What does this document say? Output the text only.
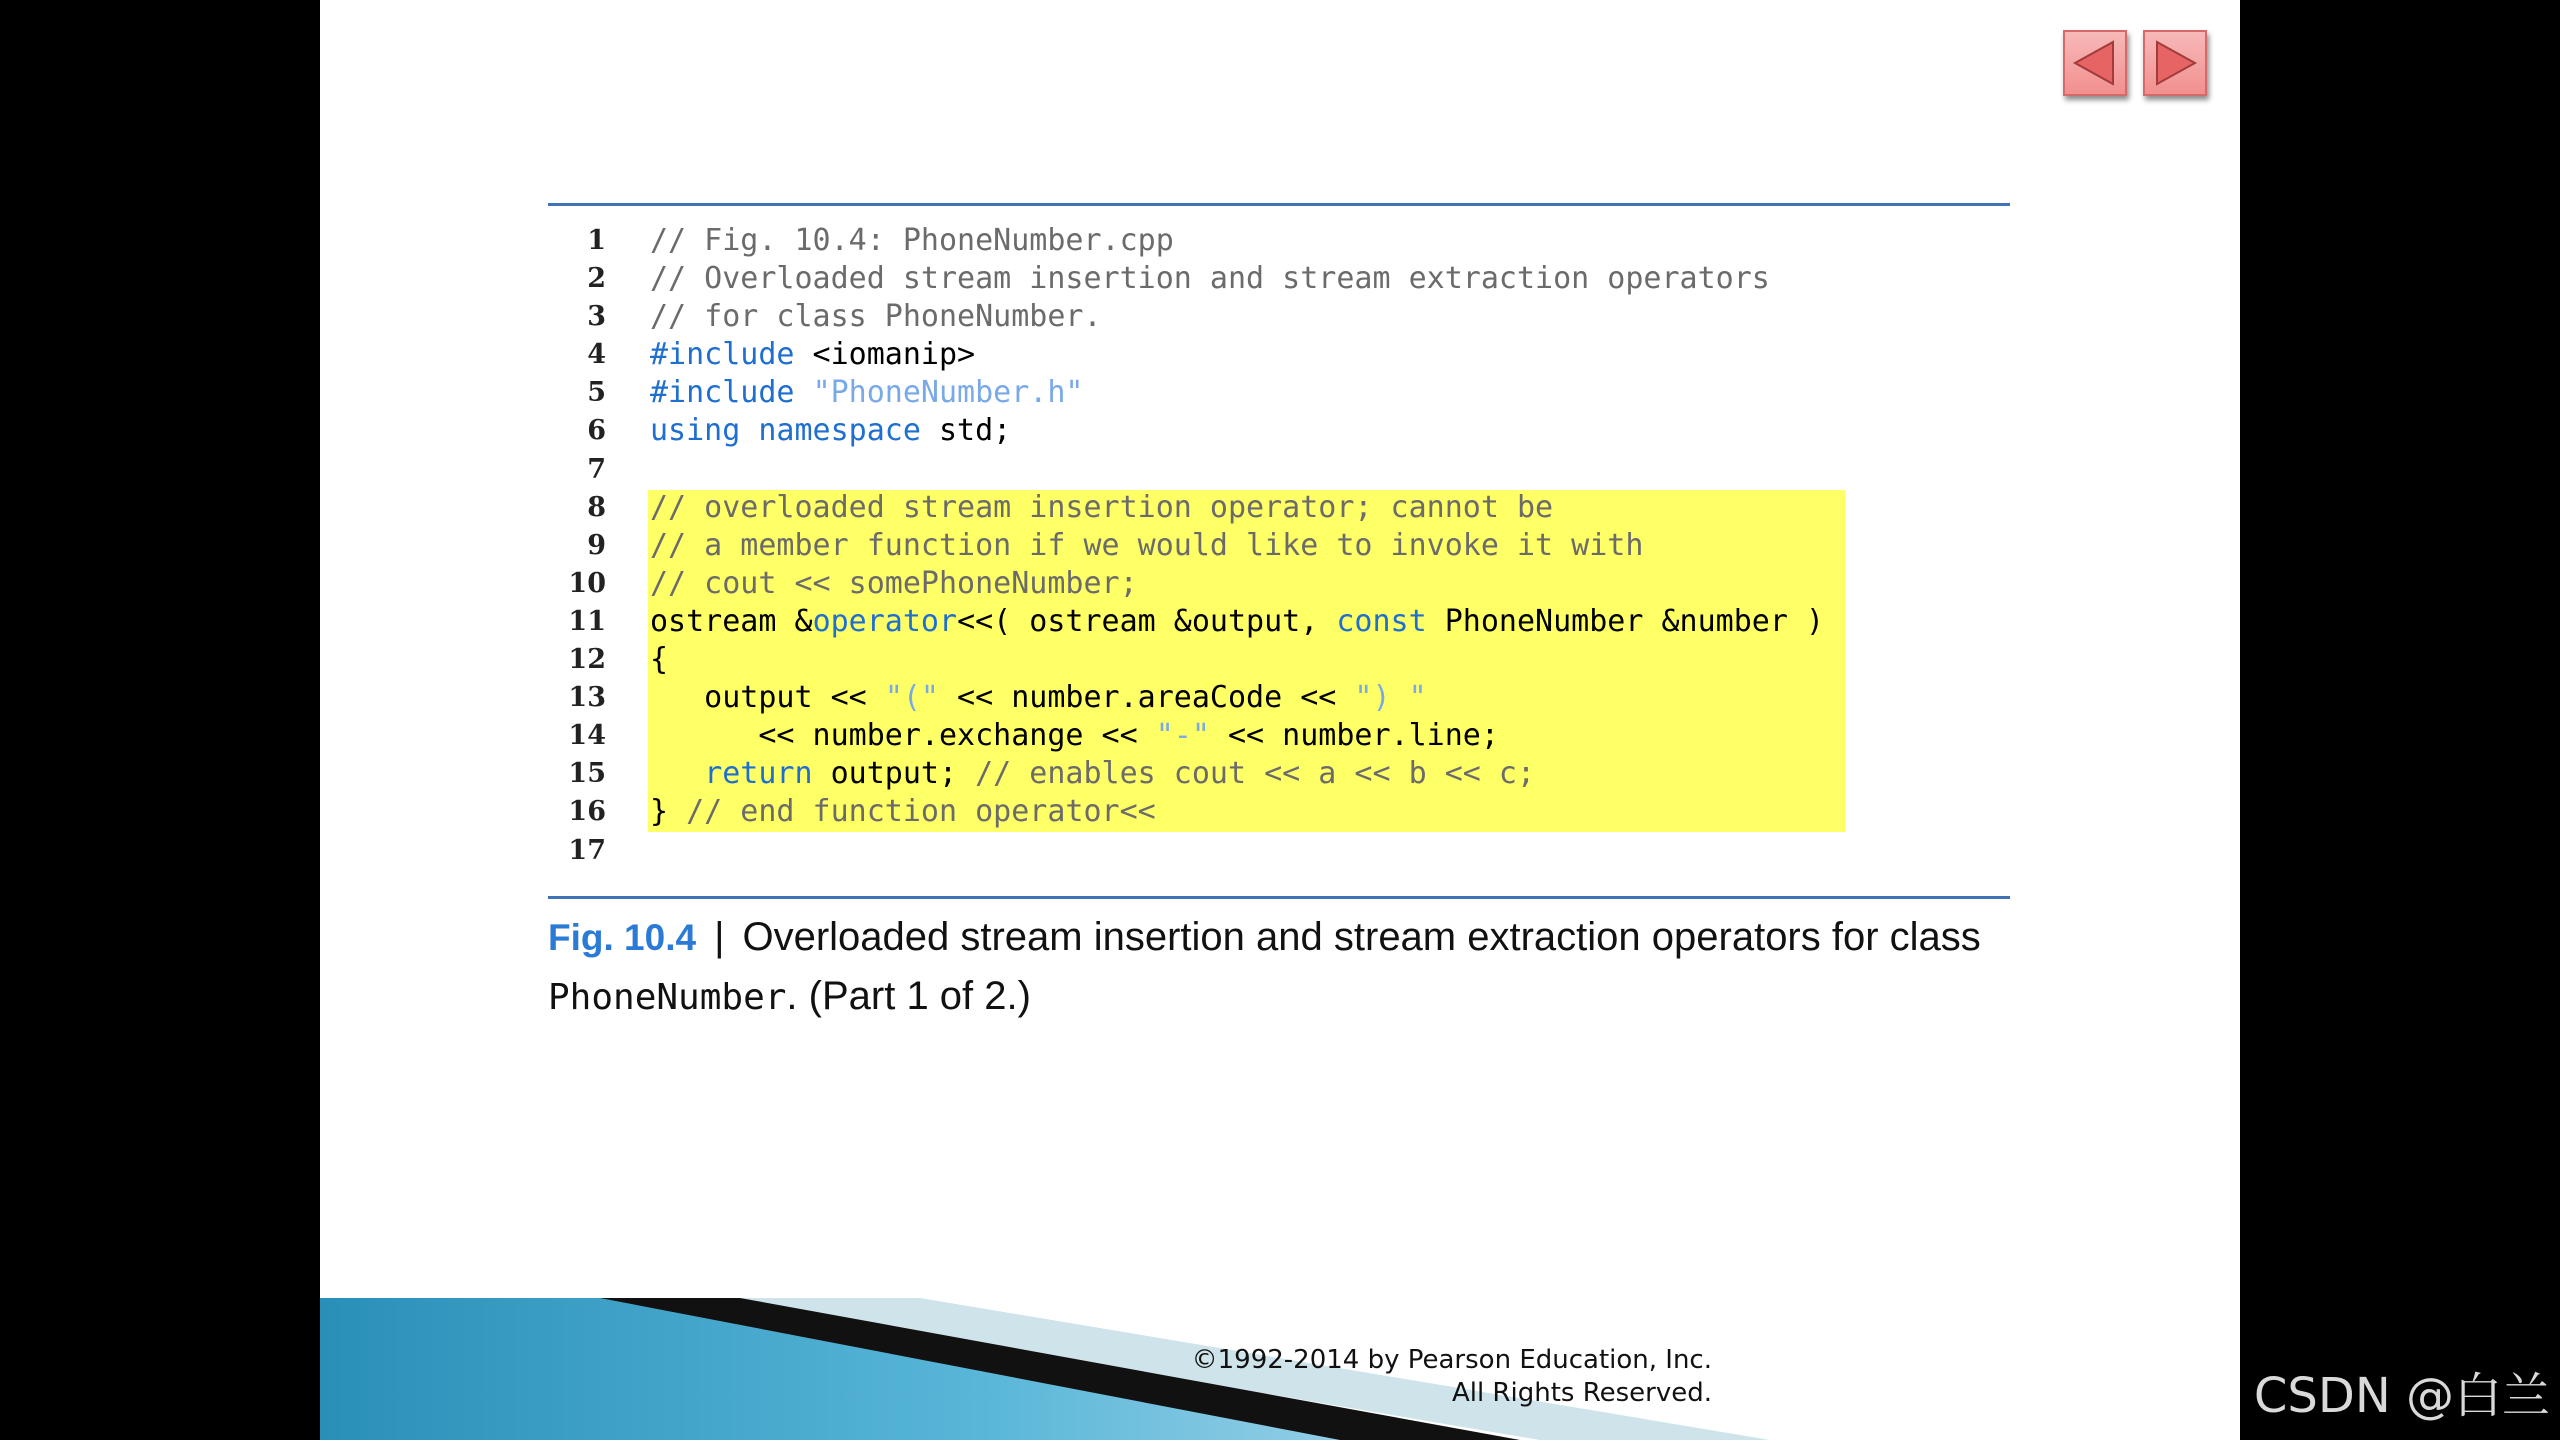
1
2
3
4
5
6
7
8
9
10
11
12
13
14
15
16
17
// Fig. 10.4: PhoneNumber.cpp
// Overloaded stream insertion and stream extraction operators
// for class PhoneNumber.
#include <iomanip>
#include "PhoneNumber.h"
using namespace std;

// overloaded stream insertion operator; cannot be
// a member function if we would like to invoke it with
// cout << somePhoneNumber;
ostream &operator<<( ostream &output, const PhoneNumber &number )
{
output << "(" << number.areaCode << ") "
<< number.exchange << "-" << number.line;
return output; // enables cout << a << b << c;
} // end function operator<<

Fig. 10.4 | Overloaded stream insertion and stream extraction operators for class
PhoneNumber. (Part 1 of 2.)
©1992-2014 by Pearson Education, Inc.
All Rights Reserved.	CSDN @白兰
